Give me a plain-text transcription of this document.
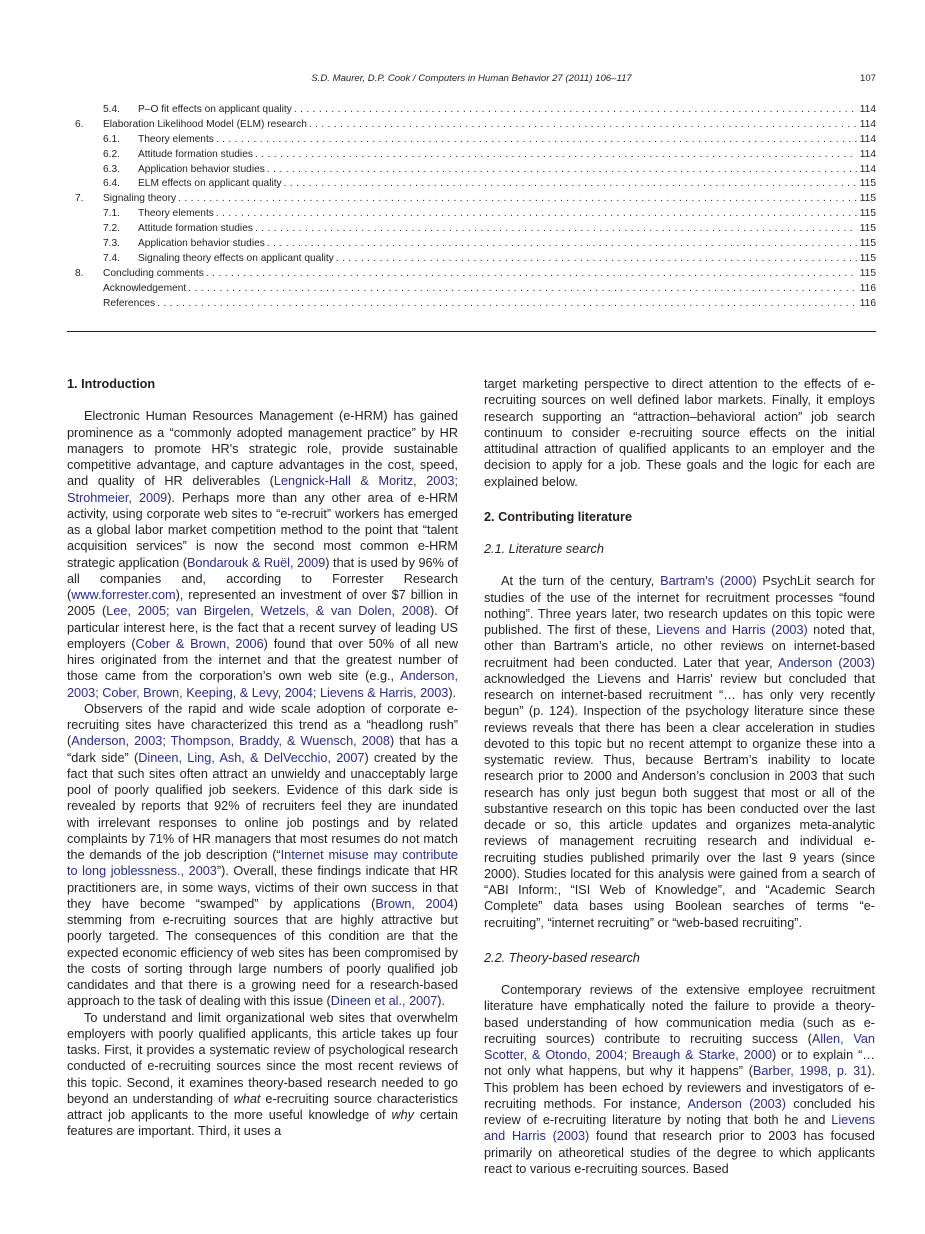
S.D. Maurer, D.P. Cook / Computers in Human Behavior 27 (2011) 106–117	107
5.4.	P–O fit effects on applicant quality . . .	114
6.	Elaboration Likelihood Model (ELM) research . . .	114
6.1.	Theory elements . . .	114
6.2.	Attitude formation studies . . .	114
6.3.	Application behavior studies . . .	114
6.4.	ELM effects on applicant quality . . .	115
7.	Signaling theory . . .	115
7.1.	Theory elements . . .	115
7.2.	Attitude formation studies . . .	115
7.3.	Application behavior studies . . .	115
7.4.	Signaling theory effects on applicant quality . . .	115
8.	Concluding comments . . .	115
Acknowledgement . . .	116
References . . .	116
1. Introduction

Electronic Human Resources Management (e-HRM) has gained prominence as a “commonly adopted management practice” by HR managers to promote HR's strategic role, provide sustainable competitive advantage, and capture advantages in the cost, speed, and quality of HR deliverables (Lengnick-Hall & Moritz, 2003; Strohmeier, 2009). Perhaps more than any other area of e-HRM activity, using corporate web sites to “e-recruit” workers has emerged as a global labor market competition method to the point that “talent acquisition services” is now the second most common e-HRM strategic application (Bondarouk & Ruël, 2009) that is used by 96% of all companies and, according to Forrester Research (www.forrester.com), represented an investment of over $7 billion in 2005 (Lee, 2005; van Birgelen, Wetzels, & van Dolen, 2008). Of particular interest here, is the fact that a recent survey of leading US employers (Cober & Brown, 2006) found that over 50% of all new hires originated from the internet and that the greatest number of those came from the corporation’s own web site (e.g., Anderson, 2003; Cober, Brown, Keeping, & Levy, 2004; Lievens & Harris, 2003).

Observers of the rapid and wide scale adoption of corporate e-recruiting sites have characterized this trend as a “headlong rush” (Anderson, 2003; Thompson, Braddy, & Wuensch, 2008) that has a “dark side” (Dineen, Ling, Ash, & DelVecchio, 2007) created by the fact that such sites often attract an unwieldy and unacceptably large pool of poorly qualified job seekers. Evidence of this dark side is revealed by reports that 92% of recruiters feel they are inundated with irrelevant responses to online job postings and by related complaints by 71% of HR managers that most resumes do not match the demands of the job description (“Internet misuse may contribute to long joblessness., 2003”). Overall, these findings indicate that HR practitioners are, in some ways, victims of their own success in that they have become “swamped” by applications (Brown, 2004) stemming from e-recruiting sources that are highly attractive but poorly targeted. The consequences of this condition are that the expected economic efficiency of web sites has been compromised by the costs of sorting through large numbers of poorly qualified job candidates and that there is a growing need for a research-based approach to the task of dealing with this issue (Dineen et al., 2007).

To understand and limit organizational web sites that overwhelm employers with poorly qualified applicants, this article takes up four tasks. First, it provides a systematic review of psychological research conducted of e-recruiting sources since the most recent reviews of this topic. Second, it examines theory-based research needed to go beyond an understanding of what e-recruiting source characteristics attract job applicants to the more useful knowledge of why certain features are important. Third, it uses a

target marketing perspective to direct attention to the effects of e-recruiting sources on well defined labor markets. Finally, it employs research supporting an “attraction–behavioral action” job search continuum to consider e-recruiting source effects on the initial attitudinal attraction of qualified applicants to an employer and the decision to apply for a job. These goals and the logic for each are explained below.

2. Contributing literature
2.1. Literature search

At the turn of the century, Bartram's (2000) PsychLit search for studies of the use of the internet for recruitment processes “found nothing”. Three years later, two research updates on this topic were published. The first of these, Lievens and Harris (2003) noted that, other than Bartram’s article, no other reviews on internet-based recruitment had been conducted. Later that year, Anderson (2003) acknowledged the Lievens and Harris' review but concluded that research on internet-based recruitment “… has only very recently begun” (p. 124). Inspection of the psychology literature since these reviews reveals that there has been a clear acceleration in studies devoted to this topic but no recent attempt to organize these into a systematic review. Thus, because Bertram’s inability to locate research prior to 2000 and Anderson’s conclusion in 2003 that such research has only just begun both suggest that most or all of the substantive research on this topic has been conducted over the last decade or so, this article updates and organizes meta-analytic reviews of management recruiting research and individual e-recruiting studies published primarily over the last 9 years (since 2000). Studies located for this analysis were gained from a search of “ABI Inform:, “ISI Web of Knowledge”, and “Academic Search Complete” data bases using Boolean searches of terms “e-recruiting”, “internet recruiting” or “web-based recruiting”.

2.2. Theory-based research

Contemporary reviews of the extensive employee recruitment literature have emphatically noted the failure to provide a theory-based understanding of how communication media (such as e-recruiting sources) contribute to recruiting success (Allen, Van Scotter, & Otondo, 2004; Breaugh & Starke, 2000) or to explain “… not only what happens, but why it happens” (Barber, 1998, p. 31). This problem has been echoed by reviewers and investigators of e-recruiting methods. For instance, Anderson (2003) concluded his review of e-recruiting literature by noting that both he and Lievens and Harris (2003) found that research prior to 2003 has focused primarily on atheoretical studies of the degree to which applicants react to various e-recruiting sources. Based
